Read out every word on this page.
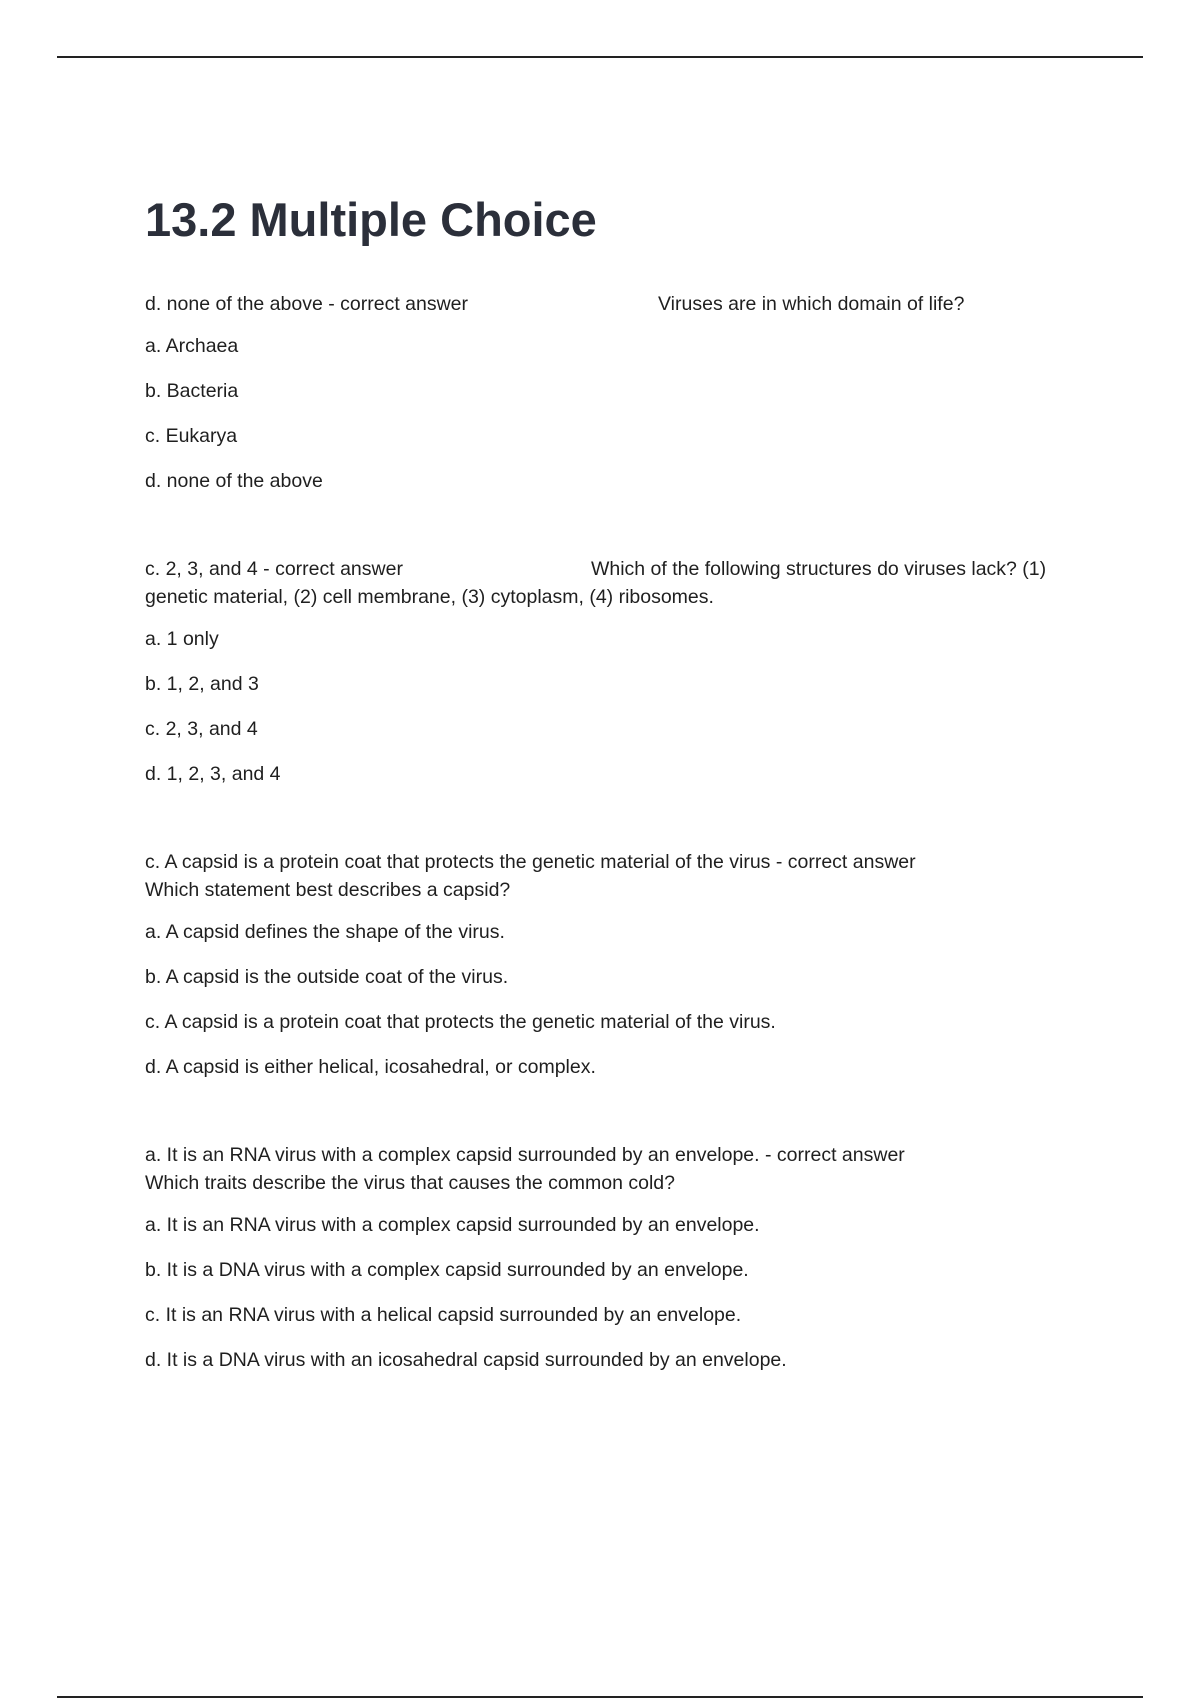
13.2 Multiple Choice
d. none of the above - correct answer	Viruses are in which domain of life?
a. Archaea
b. Bacteria
c. Eukarya
d. none of the above
c. 2, 3, and 4 - correct answer	Which of the following structures do viruses lack? (1) genetic material, (2) cell membrane, (3) cytoplasm, (4) ribosomes.
a. 1 only
b. 1, 2, and 3
c. 2, 3, and 4
d. 1, 2, 3, and 4
c. A capsid is a protein coat that protects the genetic material of the virus - correct answer
Which statement best describes a capsid?
a. A capsid defines the shape of the virus.
b. A capsid is the outside coat of the virus.
c. A capsid is a protein coat that protects the genetic material of the virus.
d. A capsid is either helical, icosahedral, or complex.
a. It is an RNA virus with a complex capsid surrounded by an envelope. - correct answer
Which traits describe the virus that causes the common cold?
a. It is an RNA virus with a complex capsid surrounded by an envelope.
b. It is a DNA virus with a complex capsid surrounded by an envelope.
c. It is an RNA virus with a helical capsid surrounded by an envelope.
d. It is a DNA virus with an icosahedral capsid surrounded by an envelope.
